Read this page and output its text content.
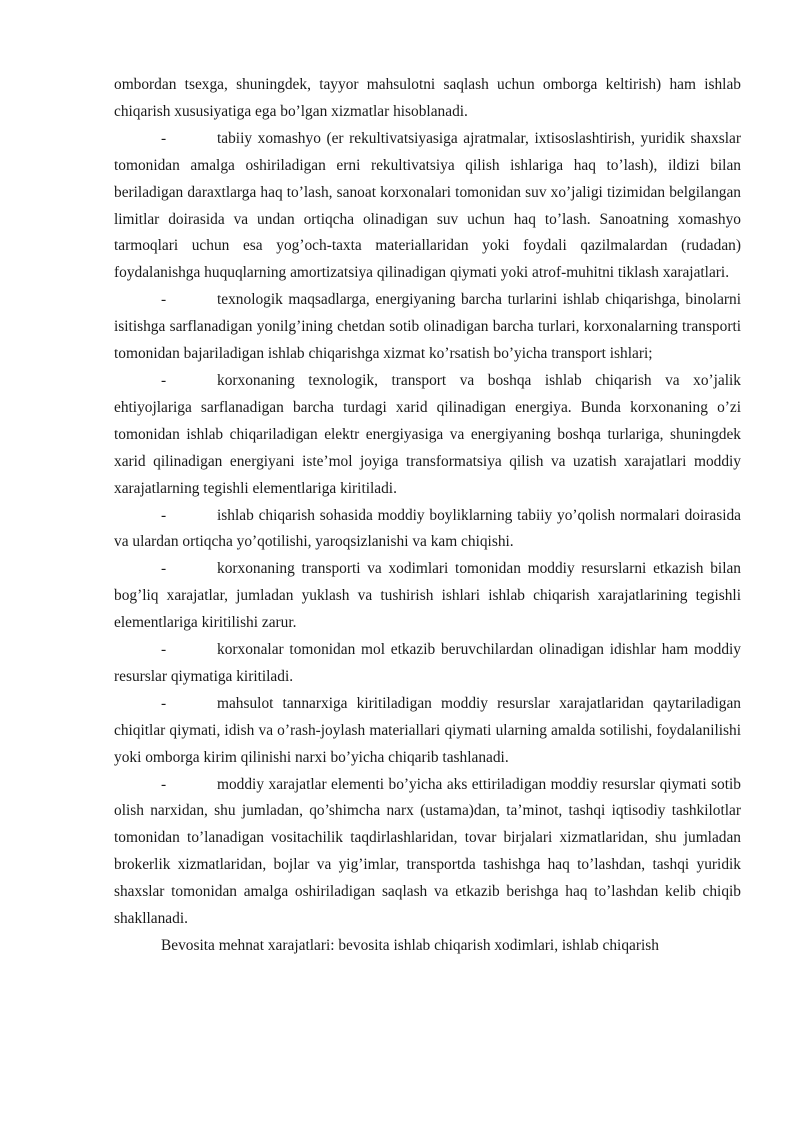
ombordan tsexga, shuningdek, tayyor mahsulotni saqlash uchun omborga keltirish) ham ishlab chiqarish xususiyatiga ega bo’lgan xizmatlar hisoblanadi.

-	tabiiy xomashyo (er rekultivatsiyasiga ajratmalar, ixtisoslashtirish, yuridik shaxslar tomonidan amalga oshiriladigan erni rekultivatsiya qilish ishlariga haq to’lash), ildizi bilan beriladigan daraxtlarga haq to’lash, sanoat korxonalari tomonidan suv xo’jaligi tizimidan belgilangan limitlar doirasida va undan ortiqcha olinadigan suv uchun haq to’lash. Sanoatning xomashyo tarmoqlari uchun esa yog’och-taxta materiallaridan yoki foydali qazilmalardan (rudadan) foydalanishga huquqlarning amortizatsiya qilinadigan qiymati yoki atrof-muhitni tiklash xarajatlari.

-	texnologik maqsadlarga, energiyaning barcha turlarini ishlab chiqarishga, binolarni isitishga sarflanadigan yonilg’ining chetdan sotib olinadigan barcha turlari, korxonalarning transporti tomonidan bajariladigan ishlab chiqarishga xizmat ko’rsatish bo’yicha transport ishlari;

-	korxonaning texnologik, transport va boshqa ishlab chiqarish va xo’jalik ehtiyojlariga sarflanadigan barcha turdagi xarid qilinadigan energiya. Bunda korxonaning o’zi tomonidan ishlab chiqariladigan elektr energiyasiga va energiyaning boshqa turlariga, shuningdek xarid qilinadigan energiyani iste’mol joyiga transformatsiya qilish va uzatish xarajatlari moddiy xarajatlarning tegishli elementlariga kiritiladi.

-	ishlab chiqarish sohasida moddiy boyliklarning tabiiy yo’qolish normalari doirasida va ulardan ortiqcha yo’qotilishi, yaroqsizlanishi va kam chiqishi.

-	korxonaning transporti va xodimlari tomonidan moddiy resurslarni etkazish bilan bog’liq xarajatlar, jumladan yuklash va tushirish ishlari ishlab chiqarish xarajatlarining tegishli elementlariga kiritilishi zarur.

-	korxonalar tomonidan mol etkazib beruvchilardan olinadigan idishlar ham moddiy resurslar qiymatiga kiritiladi.

-	mahsulot tannarxiga kiritiladigan moddiy resurslar xarajatlaridan qaytariladigan chiqitlar qiymati, idish va o’rash-joylash materiallari qiymati ularning amalda sotilishi, foydalanilishi yoki omborga kirim qilinishi narxi bo’yicha chiqarib tashlanadi.

-	moddiy xarajatlar elementi bo’yicha aks ettiriladigan moddiy resurslar qiymati sotib olish narxidan, shu jumladan, qo’shimcha narx (ustama)dan, ta’minot, tashqi iqtisodiy tashkilotlar tomonidan to’lanadigan vositachilik taqdirlashlaridan, tovar birjalari xizmatlaridan, shu jumladan brokerlik xizmatlaridan, bojlar va yig’imlar, transportda tashishga haq to’lashdan, tashqi yuridik shaxslar tomonidan amalga oshiriladigan saqlash va etkazib berishga haq to’lashdan kelib chiqib shakllanadi.

Bevosita mehnat xarajatlari: bevosita ishlab chiqarish xodimlari, ishlab chiqarish
